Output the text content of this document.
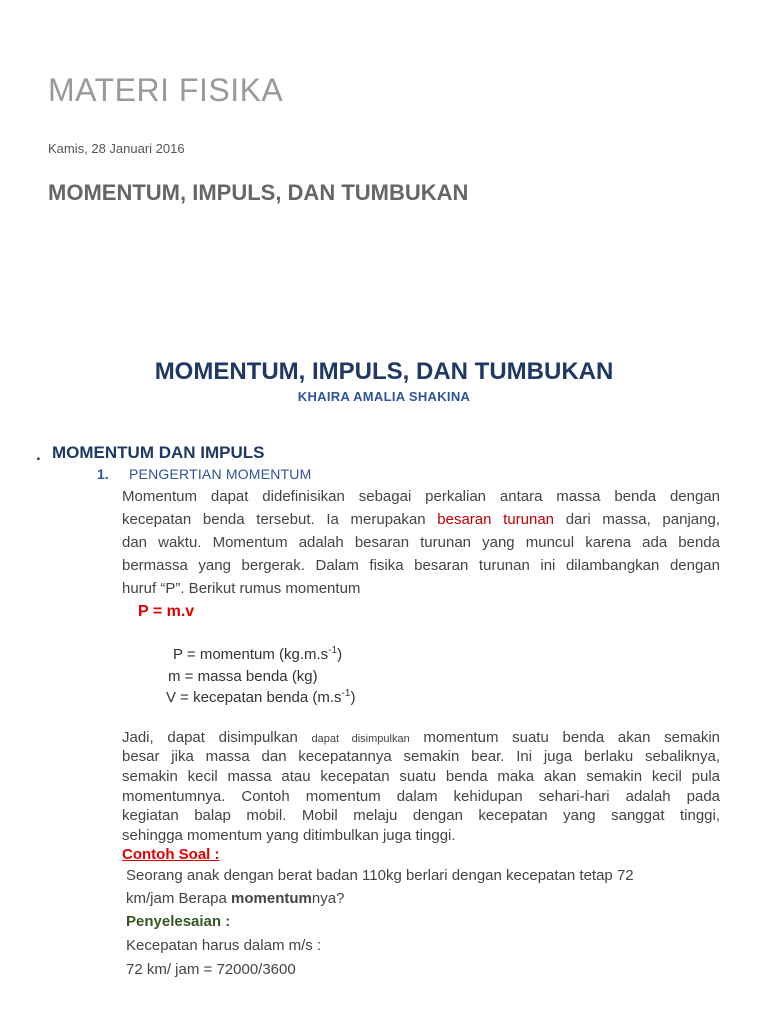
MATERI FISIKA
Kamis, 28 Januari 2016
MOMENTUM, IMPULS, DAN TUMBUKAN
MOMENTUM, IMPULS, DAN TUMBUKAN
KHAIRA AMALIA SHAKINA
. MOMENTUM DAN IMPULS
1. PENGERTIAN MOMENTUM
Momentum dapat didefinisikan sebagai perkalian antara massa benda dengan
kecepatan benda tersebut. Ia merupakan besaran turunan dari massa, panjang,
dan waktu. Momentum adalah besaran turunan yang muncul karena ada benda
bermassa yang bergerak. Dalam fisika besaran turunan ini dilambangkan dengan
huruf “P”. Berikut rumus momentum
P = m.v
P = momentum $(kg.m.s^{-1})$
m = massa benda (kg)
V = kecepatan benda $(m.s^{-1})$
Jadi, dapat disimpulkan dapat disimpulkan momentum suatu benda akan semakin
besar jika massa dan kecepatannya semakin bear. Ini juga berlaku sebaliknya,
semakin kecil massa atau kecepatan suatu benda maka akan semakin kecil pula
momentumnya. Contoh momentum dalam kehidupan sehari-hari adalah pada
kegiatan balap mobil. Mobil melaju dengan kecepatan yang sanggat tinggi,
sehingga momentum yang ditimbulkan juga tinggi.
Contoh Soal :
Seorang anak dengan berat badan 110kg berlari dengan kecepatan tetap 72
km/jam Berapa momentumnya?
Penyelesaian :
Kecepatan harus dalam m/s :
72 km/ jam = 72000/3600
